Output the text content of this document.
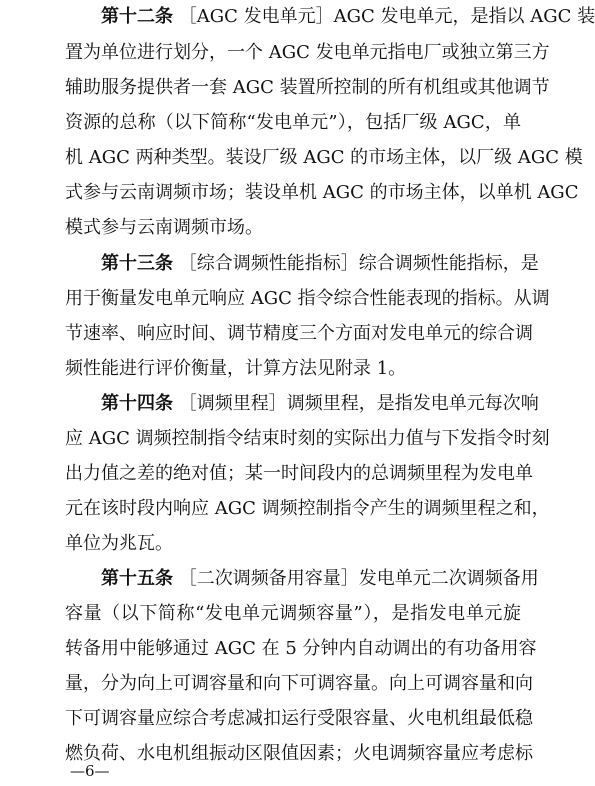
第十二条 ［AGC 发电单元］AGC 发电单元，是指以 AGC 装
置为单位进行划分，一个 AGC 发电单元指电厂或独立第三方
辅助服务提供者一套 AGC 装置所控制的所有机组或其他调节
资源的总称（以下简称“发电单元”），包括厂级 AGC，单
机 AGC 两种类型。装设厂级 AGC 的市场主体，以厂级 AGC 模
式参与云南调频市场；装设单机 AGC 的市场主体，以单机 AGC
模式参与云南调频市场。
第十三条 ［综合调频性能指标］综合调频性能指标，是
用于衡量发电单元响应 AGC 指令综合性能表现的指标。从调
节速率、响应时间、调节精度三个方面对发电单元的综合调
频性能进行评价衡量，计算方法见附录 1。
第十四条 ［调频里程］调频里程，是指发电单元每次响
应 AGC 调频控制指令结束时刻的实际出力值与下发指令时刻
出力值之差的绝对值；某一时间段内的总调频里程为发电单
元在该时段内响应 AGC 调频控制指令产生的调频里程之和，
单位为兆瓦。
第十五条 ［二次调频备用容量］发电单元二次调频备用
容量（以下简称“发电单元调频容量”），是指发电单元旋
转备用中能够通过 AGC 在 5 分钟内自动调出的有功备用容
量，分为向上可调容量和向下可调容量。向上可调容量和向
下可调容量应综合考虑减扣运行受限容量、火电机组最低稳
燃负荷、水电机组振动区限值因素；火电调频容量应考虑标
—6—
